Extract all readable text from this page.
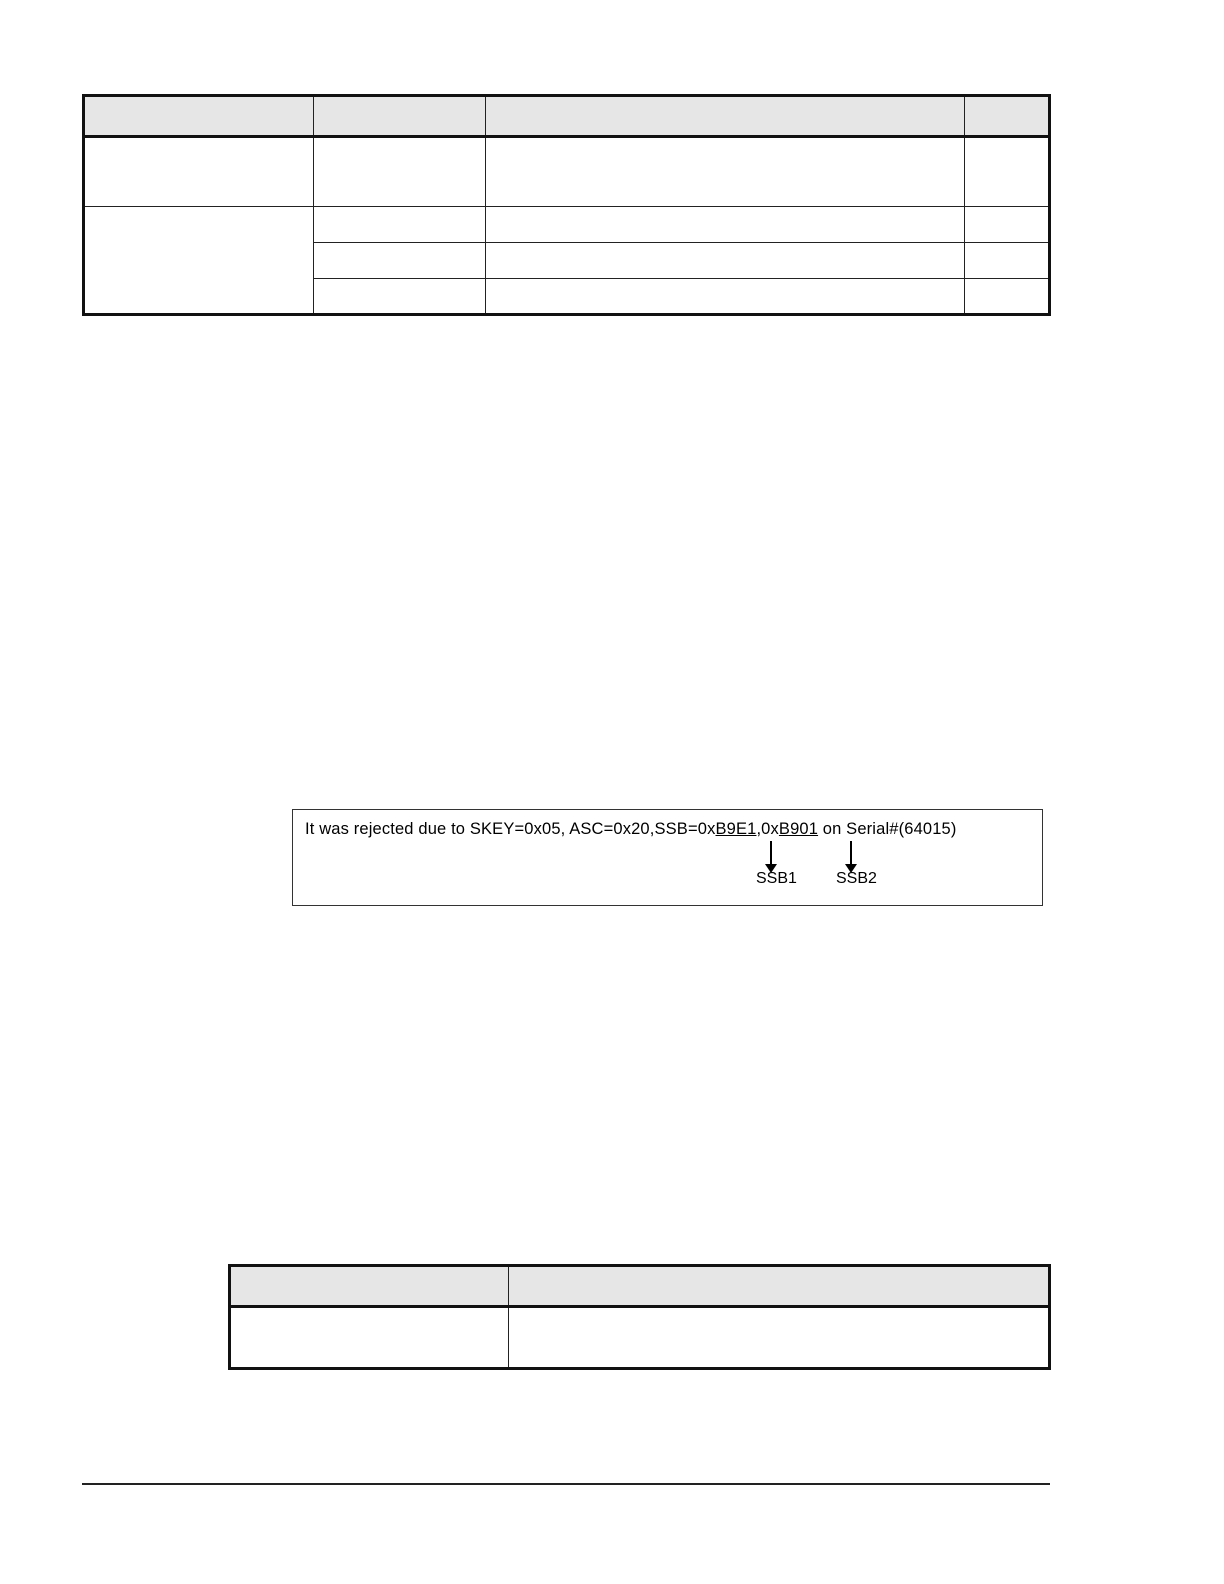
It was rejected due to SKEY=0x05, ASC=0x20,SSB=0xB9E1,0xB901 on Serial#(64015)
SSB1 SSB2
